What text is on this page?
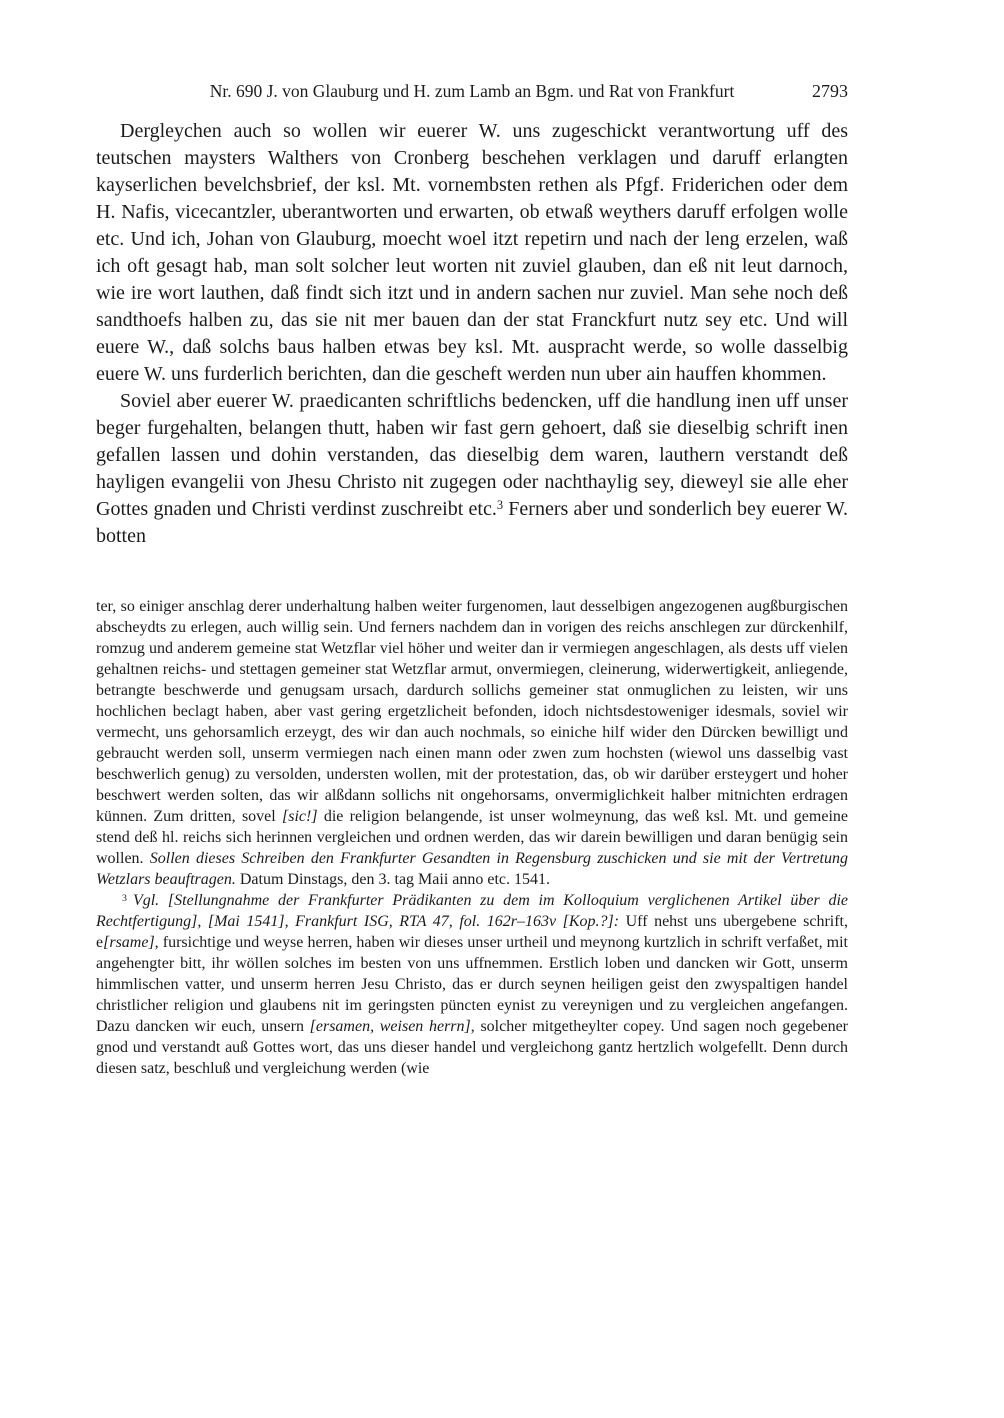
Nr. 690 J. von Glauburg und H. zum Lamb an Bgm. und Rat von Frankfurt	2793

Dergleychen auch so wollen wir euerer W. uns zugeschickt verantwortung uff des teutschen maysters Walthers von Cronberg beschehen verklagen und daruff erlangten kayserlichen bevelchsbrief, der ksl. Mt. vornembsten rethen als Pfgf. Friderichen oder dem H. Nafis, vicecantzler, uberantworten und erwarten, ob etwaß weythers daruff erfolgen wolle etc. Und ich, Johan von Glauburg, moecht woel itzt repetirn und nach der leng erzelen, waß ich oft gesagt hab, man solt solcher leut worten nit zuviel glauben, dan eß nit leut darnoch, wie ire wort lauthen, daß findt sich itzt und in andern sachen nur zuviel. Man sehe noch deß sandthoefs halben zu, das sie nit mer bauen dan der stat Franckfurt nutz sey etc. Und will euere W., daß solchs baus halben etwas bey ksl. Mt. auspracht werde, so wolle dasselbig euere W. uns furderlich berichten, dan die gescheft werden nun uber ain hauffen khommen.

Soviel aber euerer W. praedicanten schriftlichs bedencken, uff die handlung inen uff unser beger furgehalten, belangen thutt, haben wir fast gern gehoert, daß sie dieselbig schrift inen gefallen lassen und dohin verstanden, das dieselbig dem waren, lauthern verstandt deß hayligen evangelii von Jhesu Christo nit zugegen oder nachthaylig sey, dieweyl sie alle eher Gottes gnaden und Christi verdinst zuschreibt etc.$^3$ Ferners aber und sonderlich bey euerer W. botten

ter, so einiger anschlag derer underhaltung halben weiter furgenomen, laut desselbigen angezogenen augßburgischen abscheydts zu erlegen, auch willig sein. Und ferners nachdem dan in vorigen des reichs anschlegen zur dürckenhilf, romzug und anderem gemeine stat Wetzflar viel höher und weiter dan ir vermiegen angeschlagen, als dests uff vielen gehaltnen reichs- und stettagen gemeiner stat Wetzflar armut, onvermiegen, cleinerung, widerwertigkeit, anliegende, betrangte beschwerde und genugsam ursach, dardurch sollichs gemeiner stat onmuglichen zu leisten, wir uns hochlichen beclagt haben, aber vast gering ergetzlicheit befonden, idoch nichtsdestoweniger idesmals, soviel wir vermecht, uns gehorsamlich erzeygt, des wir dan auch nochmals, so einiche hilf wider den Dürcken bewilligt und gebraucht werden soll, unserm vermiegen nach einen mann oder zwen zum hochsten (wiewol uns dasselbig vast beschwerlich genug) zu versolden, understen wollen, mit der protestation, das, ob wir darüber ersteygert und hoher beschwert werden solten, das wir alßdann sollichs nit ongehorsams, onvermiglichkeit halber mitnichten erdragen künnen. Zum dritten, sovel [sic!] die religion belangende, ist unser wolmeynung, das weß ksl. Mt. und gemeine stend deß hl. reichs sich herinnen vergleichen und ordnen werden, das wir darein bewilligen und daran benügig sein wollen. Sollen dieses Schreiben den Frankfurter Gesandten in Regensburg zuschicken und sie mit der Vertretung Wetzlars beauftragen. Datum Dinstags, den 3. tag Maii anno etc. 1541.

$^3$ Vgl. [Stellungnahme der Frankfurter Prädikanten zu dem im Kolloquium verglichenen Artikel über die Rechtfertigung], [Mai 1541], Frankfurt ISG, RTA 47, fol. 162r–163v [Kop.?]: Uff nehst uns ubergebene schrift, e[rsame], fursichtige und weyse herren, haben wir dieses unser urtheil und meynong kurtzlich in schrift verfaßet, mit angehengter bitt, ihr wöllen solches im besten von uns uffnemmen. Erstlich loben und dancken wir Gott, unserm himmlischen vatter, und unserm herren Jesu Christo, das er durch seynen heiligen geist den zwyspaltigen handel christlicher religion und glaubens nit im geringsten püncten eynist zu vereynigen und zu vergleichen angefangen. Dazu dancken wir euch, unsern [ersamen, weisen herrn], solcher mitgetheylter copey. Und sagen noch gegebener gnod und verstandt auß Gottes wort, das uns dieser handel und vergleichong gantz hertzlich wolgefellt. Denn durch diesen satz, beschluß und vergleichung werden (wie
